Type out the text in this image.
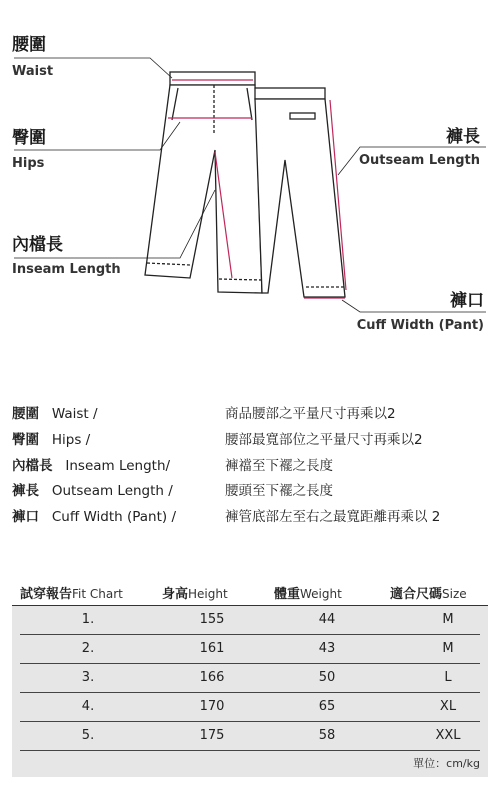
腰圍
Waist
臀圍
Hips
內檔長
Inseam Length
褲長
Outseam Length
褲口
Cuff Width (Pant)
腰圍 Waist /	商品腰部之平量尺寸再乘以2
臀圍 Hips /	腰部最寬部位之平量尺寸再乘以2
內檔長 Inseam Length/	褲襠至下襬之長度
褲長 Outseam Length /	腰頭至下襬之長度
褲口 Cuff Width (Pant) /	褲管底部左至右之最寬距離再乘以 2
試穿報告Fit Chart	身高Height	體重Weight	適合尺碼Size
1.	155	44	M
2.	161	43	M
3.	166	50	L
4.	170	65	XL
5.	175	58	XXL
單位：cm/kg
